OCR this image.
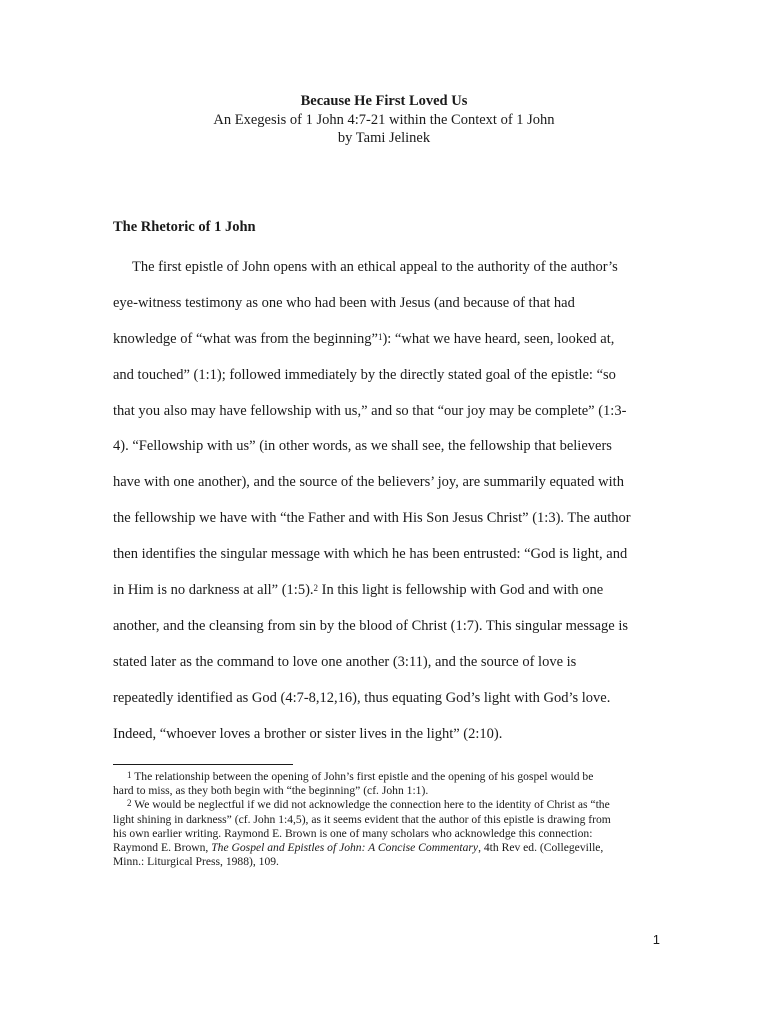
Because He First Loved Us
An Exegesis of 1 John 4:7-21 within the Context of 1 John
by Tami Jelinek
The Rhetoric of 1 John
The first epistle of John opens with an ethical appeal to the authority of the author’s
eye-witness testimony as one who had been with Jesus (and because of that had
knowledge of “what was from the beginning”$^1$): “what we have heard, seen, looked at,
and touched” (1:1); followed immediately by the directly stated goal of the epistle: “so
that you also may have fellowship with us,” and so that “our joy may be complete” (1:3-
4). “Fellowship with us” (in other words, as we shall see, the fellowship that believers
have with one another), and the source of the believers’ joy, are summarily equated with
the fellowship we have with “the Father and with His Son Jesus Christ” (1:3). The author
then identifies the singular message with which he has been entrusted: “God is light, and
in Him is no darkness at all” (1:5).$^2$ In this light is fellowship with God and with one
another, and the cleansing from sin by the blood of Christ (1:7). This singular message is
stated later as the command to love one another (3:11), and the source of love is
repeatedly identified as God (4:7-8,12,16), thus equating God’s light with God’s love.
Indeed, “whoever loves a brother or sister lives in the light” (2:10).
$^1$ The relationship between the opening of John’s first epistle and the opening of his gospel would be
hard to miss, as they both begin with “the beginning” (cf. John 1:1).
$^2$ We would be neglectful if we did not acknowledge the connection here to the identity of Christ as “the
light shining in darkness” (cf. John 1:4,5), as it seems evident that the author of this epistle is drawing from
his own earlier writing. Raymond E. Brown is one of many scholars who acknowledge this connection:
Raymond E. Brown, The Gospel and Epistles of John: A Concise Commentary, 4th Rev ed. (Collegeville,
Minn.: Liturgical Press, 1988), 109.
1
